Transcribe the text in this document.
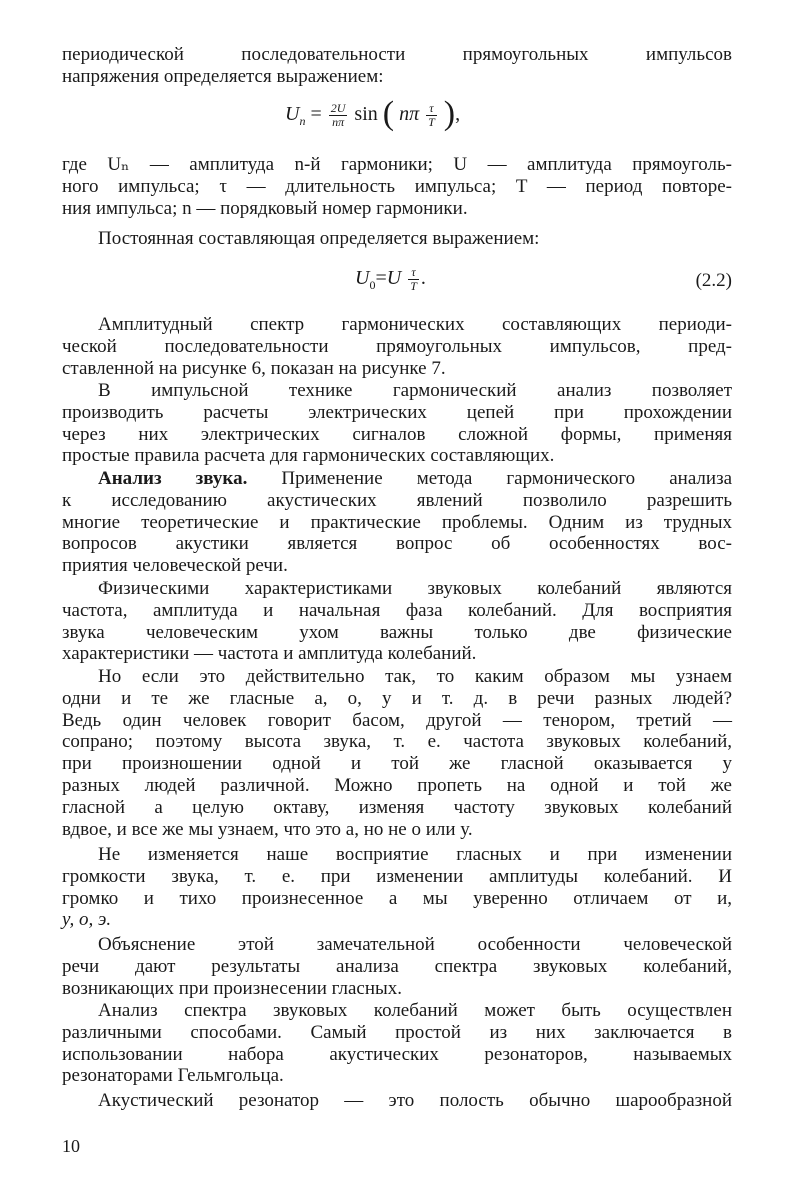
периодической последовательности прямоугольных импульсов
напряжения определяется выражением:
$U_n = \frac{2U}{n\pi}$ sin ( nπ $\frac{\tau}{T}$ ),
где Uₙ — амплитуда n-й гармоники; U — амплитуда прямоуголь-
ного импульса; τ — длительность импульса; T — период повторе-
ния импульса; n — порядковый номер гармоники.
Постоянная составляющая определяется выражением:
$U_0=U \frac{\tau}{T}$ .	(2.2)
Амплитудный спектр гармонических составляющих периоди-
ческой последовательности прямоугольных импульсов, пред-
ставленной на рисунке 6, показан на рисунке 7.
В импульсной технике гармонический анализ позволяет
производить расчеты электрических цепей при прохождении
через них электрических сигналов сложной формы, применяя
простые правила расчета для гармонических составляющих.
Анализ звука. Применение метода гармонического анализа
к исследованию акустических явлений позволило разрешить
многие теоретические и практические проблемы. Одним из трудных
вопросов акустики является вопрос об особенностях вос-
приятия человеческой речи.
Физическими характеристиками звуковых колебаний являются
частота, амплитуда и начальная фаза колебаний. Для восприятия
звука человеческим ухом важны только две физические
характеристики — частота и амплитуда колебаний.
Но если это действительно так, то каким образом мы узнаем
одни и те же гласные а, о, у и т. д. в речи разных людей?
Ведь один человек говорит басом, другой — тенором, третий —
сопрано; поэтому высота звука, т. е. частота звуковых колебаний,
при произношении одной и той же гласной оказывается у
разных людей различной. Можно пропеть на одной и той же
гласной а целую октаву, изменяя частоту звуковых колебаний
вдвое, и все же мы узнаем, что это а, но не о или у.
Не изменяется наше восприятие гласных и при изменении
громкости звука, т. е. при изменении амплитуды колебаний. И
громко и тихо произнесенное а мы уверенно отличаем от и,
у, о, э.
Объяснение этой замечательной особенности человеческой
речи дают результаты анализа спектра звуковых колебаний,
возникающих при произнесении гласных.
Анализ спектра звуковых колебаний может быть осуществлен
различными способами. Самый простой из них заключается в
использовании набора акустических резонаторов, называемых
резонаторами Гельмгольца.
Акустический резонатор — это полость обычно шарообразной
10
